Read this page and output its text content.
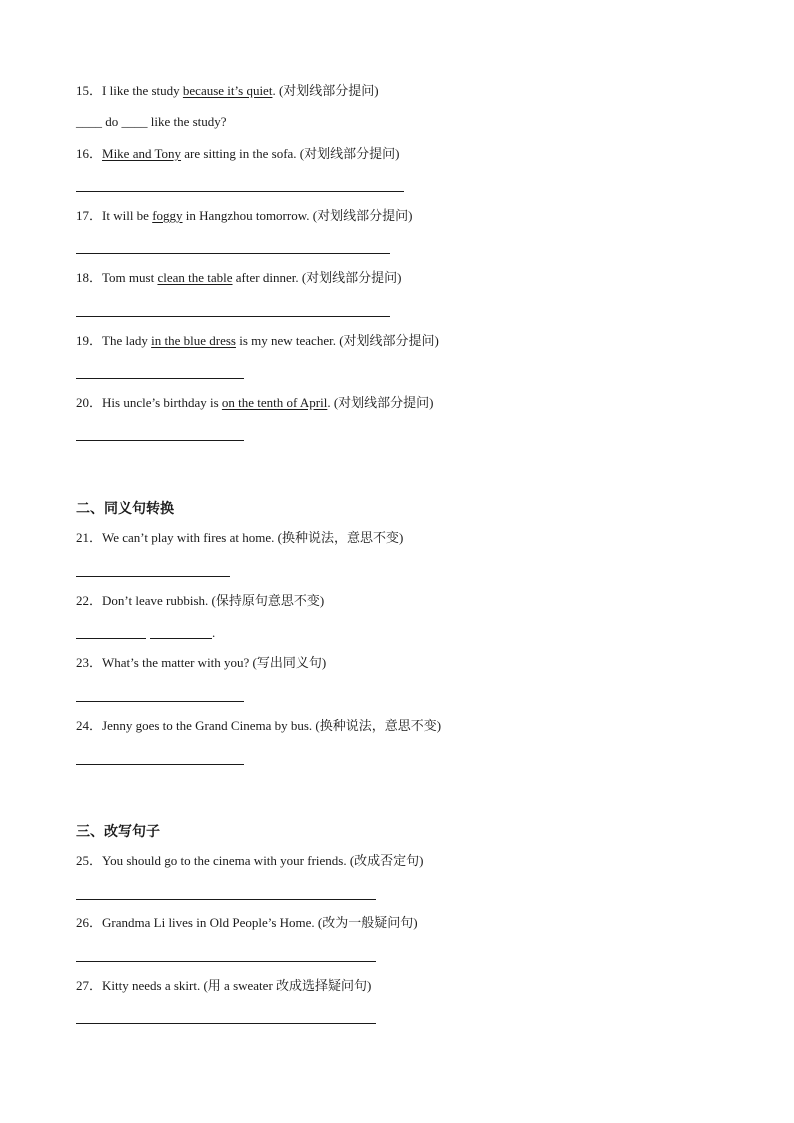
15．I like the study because it’s quiet. (对划线部分提问)
____ do ____ like the study?
16．Mike and Tony are sitting in the sofa. (对划线部分提问)
17．It will be foggy in Hangzhou tomorrow. (对划线部分提问)
18．Tom must clean the table after dinner. (对划线部分提问)
19．The lady in the blue dress is my new teacher. (对划线部分提问)
20．His uncle’s birthday is on the tenth of April. (对划线部分提问)
二、同义句转换
21．We can’t play with fires at home. (换种说法，意思不变)
22．Don’t leave rubbish. (保持原句意思不变)
.
23．What’s the matter with you? (写出同义句)
24．Jenny goes to the Grand Cinema by bus. (换种说法，意思不变)
三、改写句子
25．You should go to the cinema with your friends. (改成否定句)
26．Grandma Li lives in Old People’s Home. (改为一般疑问句)
27．Kitty needs a skirt. (用 a sweater 改成选择疑问句)
